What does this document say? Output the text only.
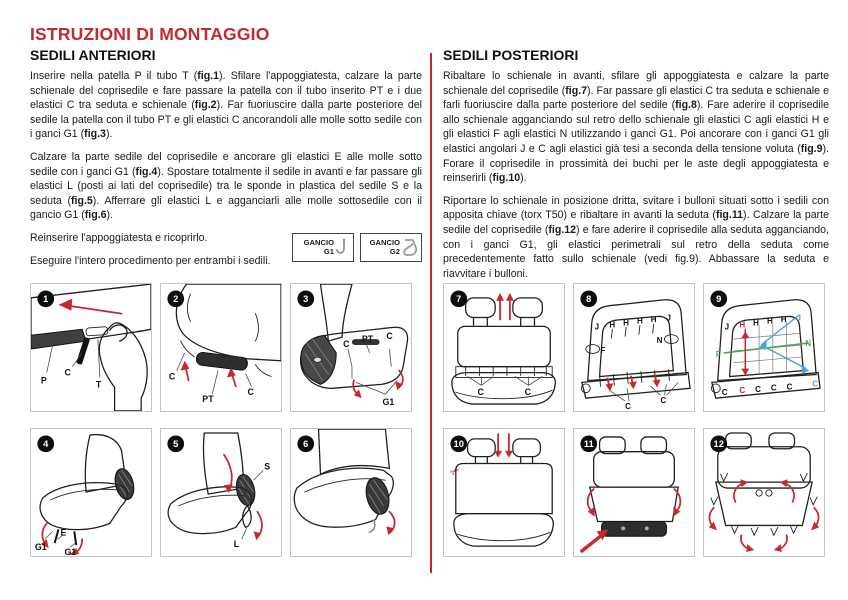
ISTRUZIONI DI MONTAGGIO
SEDILI ANTERIORI

Inserire nella patella P il tubo T (fig.1). Sfilare l'appoggiatesta, calzare la parte schienale del coprisedile e fare passare la patella con il tubo inserito PT e i due elastici C tra seduta e schienale (fig.2). Far fuoriuscire dalla parte posteriore del sedile la patella con il tubo PT e gli elastici C ancorandoli alle molle sotto sedile con i ganci G1 (fig.3).

Calzare la parte sedile del coprisedile e ancorare gli elastici E alle molle sotto sedile con i ganci G1 (fig.4). Spostare totalmente il sedile in avanti e far passare gli elastici L (posti ai lati del coprisedile) tra le sponde in plastica del sedile S e la seduta (fig.5). Afferrare gli elastici L e agganciarli alle molle sottosedile con il gancio G1 (fig.6).

Reinserire l'appoggiatesta e ricoprirlo.

Eseguire l'intero procedimento per entrambi i sedili.

SEDILI POSTERIORI

Ribaltare lo schienale in avanti, sfilare gli appoggiatesta e calzare la parte schienale del coprisedile (fig.7). Far passare gli elastici C tra seduta e schienale e farli fuoriuscire dalla parte posteriore del sedile (fig.8). Fare aderire il coprisedile allo schienale agganciando sul retro dello schienale gli elastici C agli elastici H e gli elastici F agli elastici N utilizzando i ganci G1. Poi ancorare con i ganci G1 gli elastici angolari J e C agli elastici già tesi a seconda della tensione voluta (fig.9). Forare il coprisedile in prossimità dei buchi per le aste degli appoggiatesta e reinserirli (fig.10).

Riportare lo schienale in posizione dritta, svitare i bulloni situati sotto i sedili con apposita chiave (torx T50) e ribaltare in avanti la seduta (fig.11). Calzare la parte sedile del coprisedile (fig.12) e fare aderire il coprisedile alla seduta agganciando, con i ganci G1, gli elastici perimetrali sul retro della seduta come precedentemente fatto sullo schienale (vedi fig.9). Abbassare la seduta e riavvitare i bulloni.

GANCIO
G1
GANCIO
G2
P
C
T
1
C
PT
C
2
C PT C
G1
3
G1
E
G1
4
S
L
5	6
C	C
7
J H H H H J
F
N
C
C
8
J H H H H J
F
N
C C C C C C
9
✂
10	11	12
